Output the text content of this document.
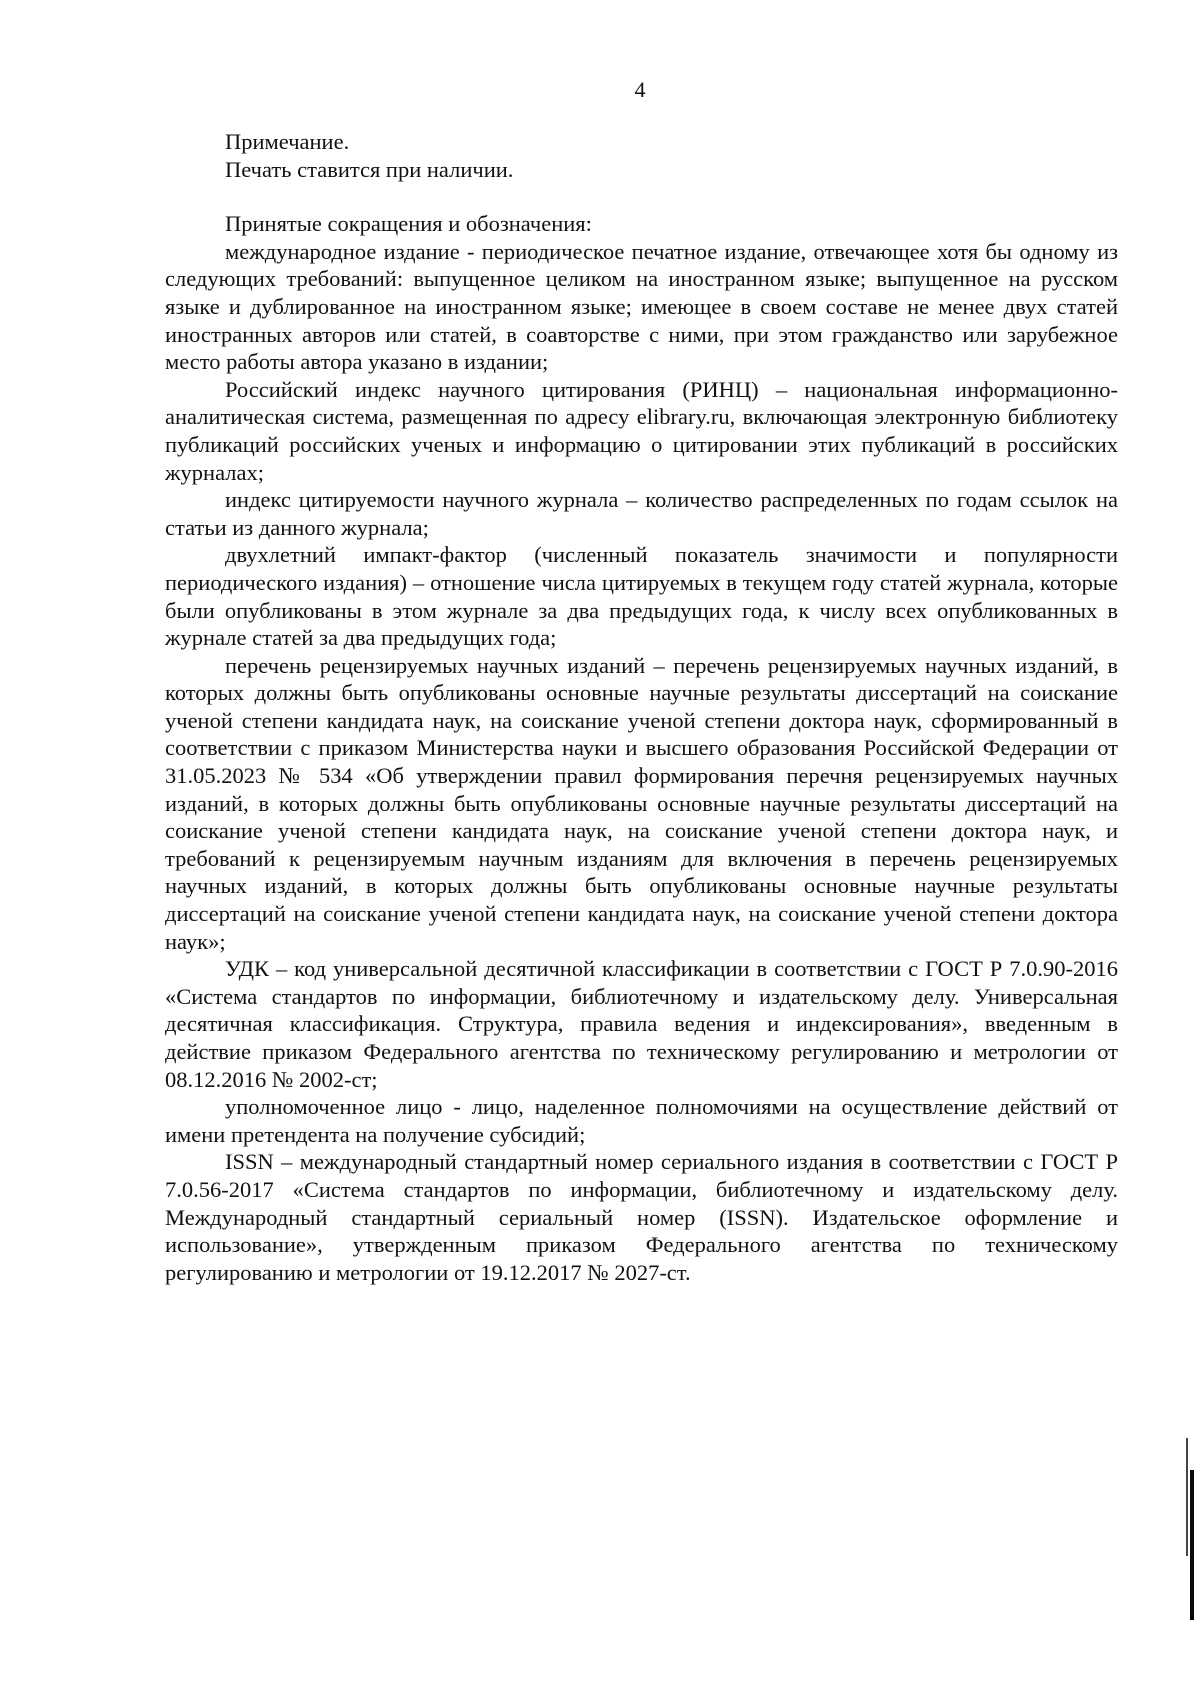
4

Примечание.

Печать ставится при наличии.

Принятые сокращения и обозначения:

международное издание - периодическое печатное издание, отвечающее хотя бы одному из следующих требований: выпущенное целиком на иностранном языке; выпущенное на русском языке и дублированное на иностранном языке; имеющее в своем составе не менее двух статей иностранных авторов или статей, в соавторстве с ними, при этом гражданство или зарубежное место работы автора указано в издании;

Российский индекс научного цитирования (РИНЦ) – национальная информационно-аналитическая система, размещенная по адресу elibrary.ru, включающая электронную библиотеку публикаций российских ученых и информацию о цитировании этих публикаций в российских журналах;

индекс цитируемости научного журнала – количество распределенных по годам ссылок на статьи из данного журнала;

двухлетний импакт-фактор (численный показатель значимости и популярности периодического издания) – отношение числа цитируемых в текущем году статей журнала, которые были опубликованы в этом журнале за два предыдущих года, к числу всех опубликованных в журнале статей за два предыдущих года;

перечень рецензируемых научных изданий – перечень рецензируемых научных изданий, в которых должны быть опубликованы основные научные результаты диссертаций на соискание ученой степени кандидата наук, на соискание ученой степени доктора наук, сформированный в соответствии с приказом Министерства науки и высшего образования Российской Федерации от 31.05.2023 № 534 «Об утверждении правил формирования перечня рецензируемых научных изданий, в которых должны быть опубликованы основные научные результаты диссертаций на соискание ученой степени кандидата наук, на соискание ученой степени доктора наук, и требований к рецензируемым научным изданиям для включения в перечень рецензируемых научных изданий, в которых должны быть опубликованы основные научные результаты диссертаций на соискание ученой степени кандидата наук, на соискание ученой степени доктора наук»;

УДК – код универсальной десятичной классификации в соответствии с ГОСТ Р 7.0.90-2016 «Система стандартов по информации, библиотечному и издательскому делу. Универсальная десятичная классификация. Структура, правила ведения и индексирования», введенным в действие приказом Федерального агентства по техническому регулированию и метрологии от 08.12.2016 № 2002-ст;

уполномоченное лицо - лицо, наделенное полномочиями на осуществление действий от имени претендента на получение субсидий;

ISSN – международный стандартный номер сериального издания в соответствии с ГОСТ Р 7.0.56-2017 «Система стандартов по информации, библиотечному и издательскому делу. Международный стандартный сериальный номер (ISSN). Издательское оформление и использование», утвержденным приказом Федерального агентства по техническому регулированию и метрологии от 19.12.2017 № 2027-ст.
